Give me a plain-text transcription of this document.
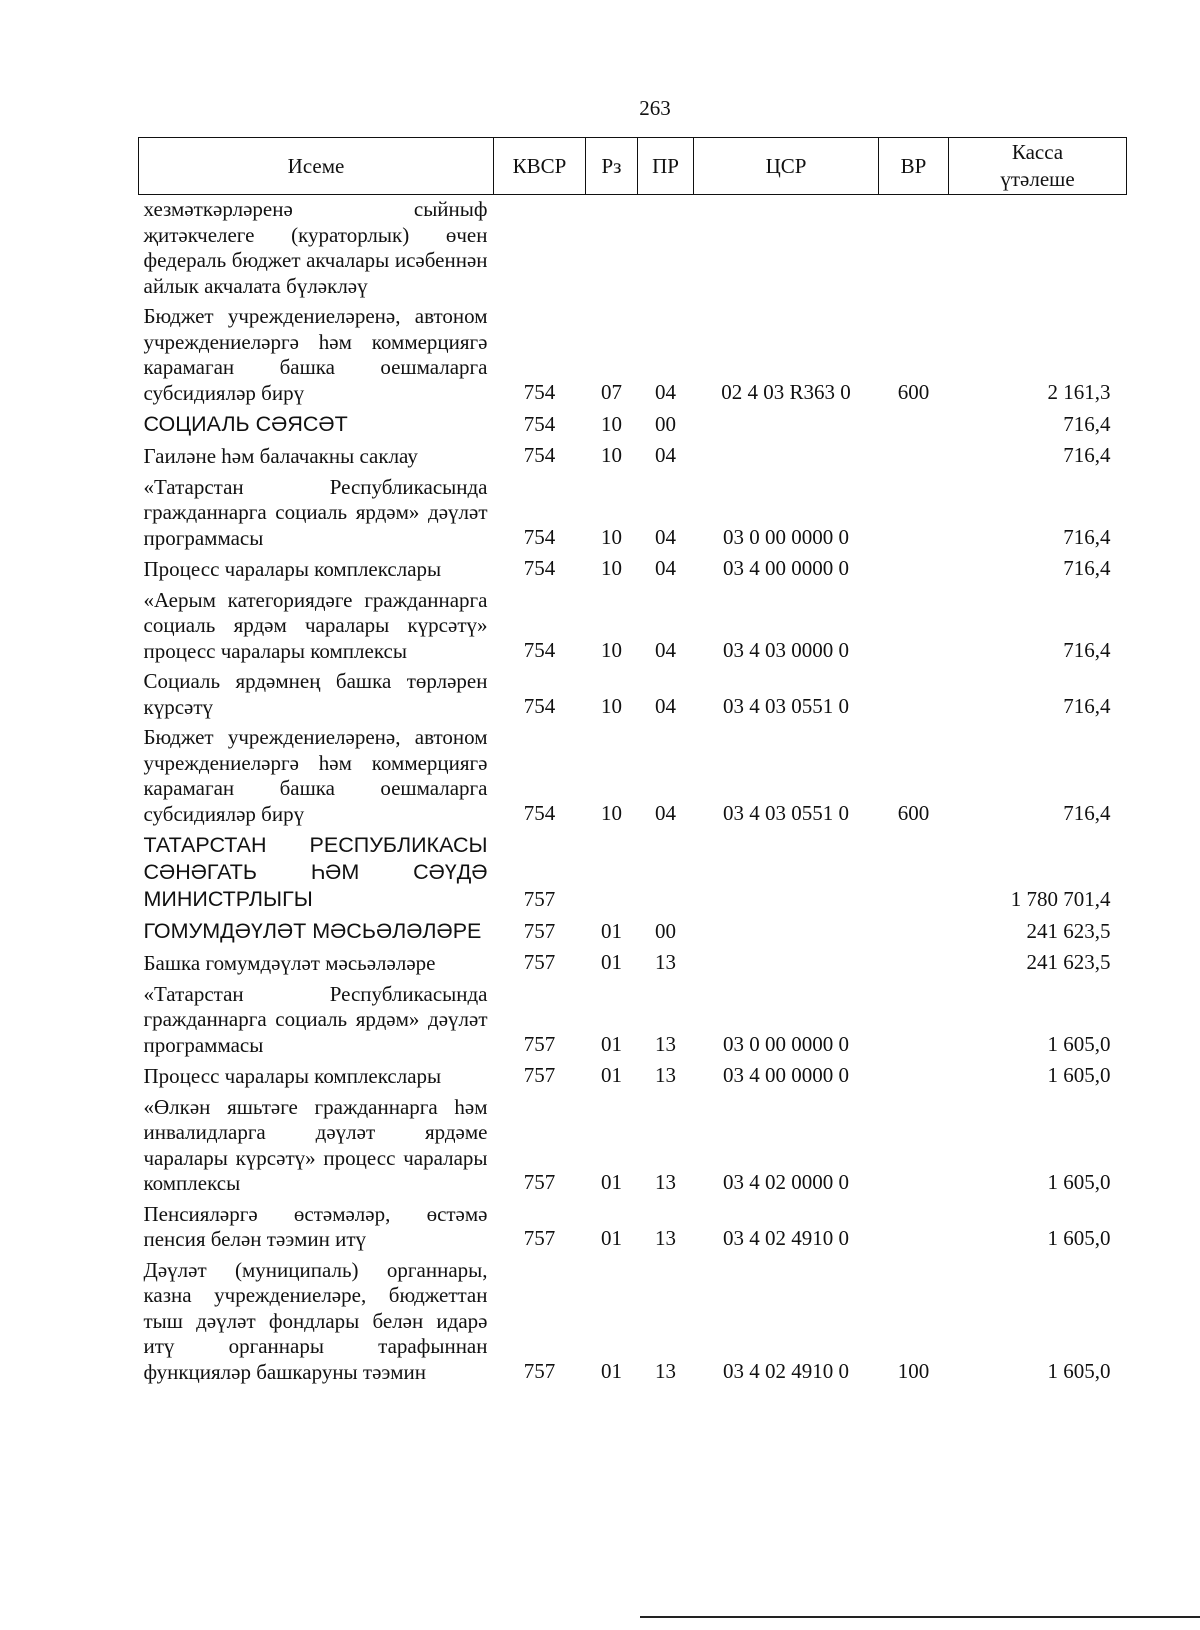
263
Исеме	КВСР	Рз	ПР	ЦСР	ВР	Касса
үтәлеше

хезмәткәрләренә сыйныф җитәкчелеге (кураторлык) өчен федераль бюджет акчалары исәбеннән айлык акчалата бүләкләү						
Бюджет учреждениеләренә, автоном учреждениеләргә һәм коммерциягә карамаган башка оешмаларга субсидияләр бирү	754	07	04	02 4 03 R363 0	600	2 161,3
СОЦИАЛЬ СӘЯСӘТ	754	10	00			716,4
Гаиләне һәм балачакны саклау	754	10	04			716,4
«Татарстан Республикасында гражданнарга социаль ярдәм» дәүләт программасы	754	10	04	03 0 00 0000 0		716,4
Процесс чаралары комплекслары	754	10	04	03 4 00 0000 0		716,4
«Аерым категориядәге гражданнарга социаль ярдәм чаралары күрсәтү» процесс чаралары комплексы	754	10	04	03 4 03 0000 0		716,4
Социаль ярдәмнең башка төрләрен күрсәтү	754	10	04	03 4 03 0551 0		716,4
Бюджет учреждениеләренә, автоном учреждениеләргә һәм коммерциягә карамаган башка оешмаларга субсидияләр бирү	754	10	04	03 4 03 0551 0	600	716,4
ТАТАРСТАН РЕСПУБЛИКАСЫ СӘНӘГАТЬ ҺӘМ СӘҮДӘ МИНИСТРЛЫГЫ	757					1 780 701,4
ГОМУМДӘҮЛӘТ МӘСЬӘЛӘЛӘРЕ	757	01	00			241 623,5
Башка гомумдәүләт мәсьәләләре	757	01	13			241 623,5
«Татарстан Республикасында гражданнарга социаль ярдәм» дәүләт программасы	757	01	13	03 0 00 0000 0		1 605,0
Процесс чаралары комплекслары	757	01	13	03 4 00 0000 0		1 605,0
«Өлкән яшьтәге гражданнарга һәм инвалидларга дәүләт ярдәме чаралары күрсәтү» процесс чаралары комплексы	757	01	13	03 4 02 0000 0		1 605,0
Пенсияләргә өстәмәләр, өстәмә пенсия белән тәэмин итү	757	01	13	03 4 02 4910 0		1 605,0
Дәүләт (муниципаль) органнары, казна учреждениеләре, бюджеттан тыш дәүләт фондлары белән идарә итү органнары тарафыннан функцияләр башкаруны тәэмин	757	01	13	03 4 02 4910 0	100	1 605,0
